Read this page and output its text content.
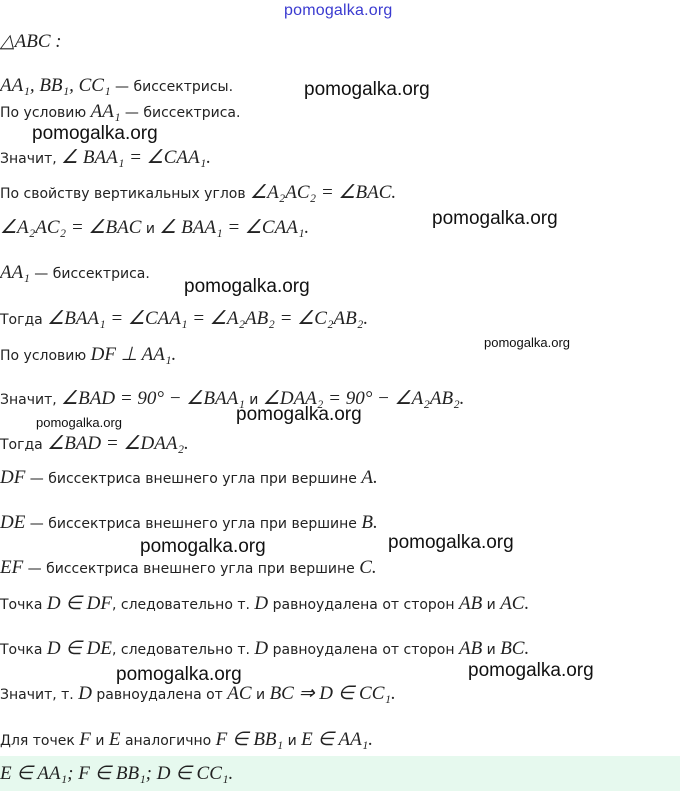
pomogalka.org
△ABC :
AA₁, BB₁, CC₁ — биссектрисы.
По условию AA₁ — биссектриса.
Значит, ∠ BAA₁ = ∠CAA₁.
По свойству вертикальных углов ∠A₂AC₂ = ∠BAC.
∠A₂AC₂ = ∠BAC и ∠ BAA₁ = ∠CAA₁.
AA₁ — биссектриса.
Тогда ∠BAA₁ = ∠CAA₁ = ∠A₂AB₂ = ∠C₂AB₂.
По условию DF ⊥ AA₁.
Значит, ∠BAD = 90° − ∠BAA₁ и ∠DAA₂ = 90° − ∠A₂AB₂.
Тогда ∠BAD = ∠DAA₂.
DF — биссектриса внешнего угла при вершине A.
DE — биссектриса внешнего угла при вершине B.
EF — биссектриса внешнего угла при вершине C.
Точка D ∈ DF, следовательно т. D равноудалена от сторон AB и AC.
Точка D ∈ DE, следовательно т. D равноудалена от сторон AB и BC.
Значит, т. D равноудалена от AC и BC ⇒ D ∈ CC₁.
Для точек F и E аналогично F ∈ BB₁ и E ∈ AA₁.
E ∈ AA₁; F ∈ BB₁; D ∈ CC₁.
pomogalka.org
pomogalka.org
pomogalka.org
pomogalka.org
pomogalka.org
pomogalka.org
pomogalka.org
pomogalka.org	pomogalka.org
pomogalka.org	pomogalka.org
